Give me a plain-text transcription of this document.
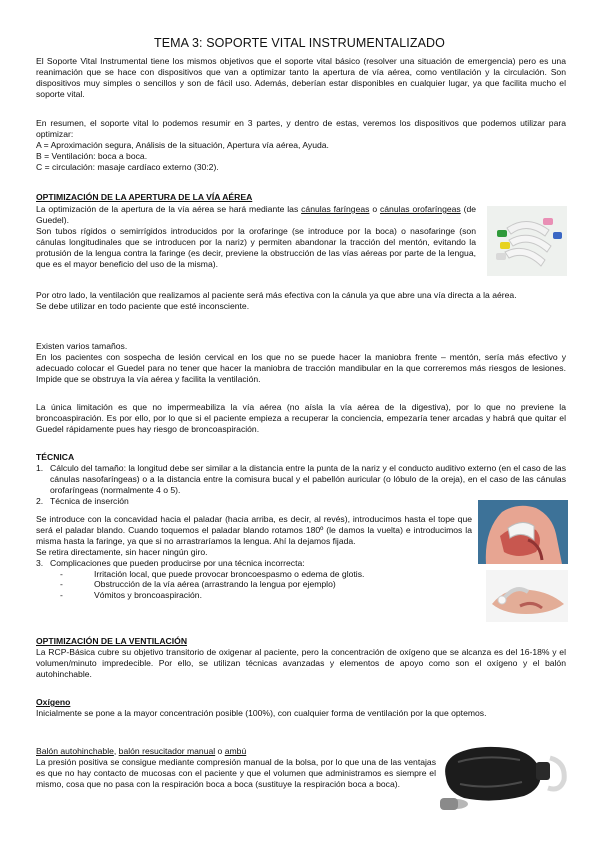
TEMA 3: SOPORTE VITAL INSTRUMENTALIZADO

El Soporte Vital Instrumental tiene los mismos objetivos que el soporte vital básico (resolver una situación de emergencia) pero es una reanimación que se hace con dispositivos que van a optimizar tanto la apertura de vía aérea, como ventilación y la circulación. Son dispositivos muy simples o sencillos y son de fácil uso. Además, deberían estar disponibles en cualquier lugar, ya que facilita mucho el soporte vital.

En resumen, el soporte vital lo podemos resumir en 3 partes, y dentro de estas, veremos los dispositivos que podemos utilizar para optimizar:

A = Aproximación segura, Análisis de la situación, Apertura vía aérea, Ayuda.

B = Ventilación: boca a boca.

C = circulación: masaje cardíaco externo (30:2).

OPTIMIZACIÓN DE LA APERTURA DE LA VÍA AÉREA

La optimización de la apertura de la vía aérea se hará mediante las cánulas faríngeas o cánulas orofaríngeas (de Guedel).

Son tubos rígidos o semirrígidos introducidos por la orofaringe (se introduce por la boca) o nasofaringe (son cánulas longitudinales que se introducen por la nariz) y permiten abandonar la tracción del mentón, evitando la protusión de la lengua contra la faringe (es decir, previene la obstrucción de las vías aéreas por parte de la lengua, que es el mayor beneficio del uso de la misma).

Por otro lado, la ventilación que realizamos al paciente será más efectiva con la cánula ya que abre una vía directa a la aérea.

Se debe utilizar en todo paciente que esté inconsciente.

Existen varios tamaños.

En los pacientes con sospecha de lesión cervical en los que no se puede hacer la maniobra frente – mentón, sería más efectivo y adecuado colocar el Guedel para no tener que hacer la maniobra de tracción mandibular en la que correremos más riesgos de lesiones. Impide que se obstruya la vía aérea y facilita la ventilación.

La única limitación es que no impermeabiliza la vía aérea (no aísla la vía aérea de la digestiva), por lo que no previene la broncoaspiración. Es por ello, por lo que si el paciente empieza a recuperar la conciencia, empezaría tener arcadas y habrá que quitar el Guedel rápidamente pues hay riesgo de broncoaspiración.

TÉCNICA

1. Cálculo del tamaño: la longitud debe ser similar a la distancia entre la punta de la nariz y el conducto auditivo externo (en el caso de las cánulas nasofaríngeas) o a la distancia entre la comisura bucal y el pabellón auricular (o lóbulo de la oreja), en el caso de las cánulas orofaríngeas (normalmente 4 o 5).
2. Técnica de inserción

Se introduce con la concavidad hacia el paladar (hacia arriba, es decir, al revés), introducimos hasta el tope que será el paladar blando. Cuando toquemos el paladar blando rotamos 180º (le damos la vuelta) e introducimos la misma hasta la faringe, ya que si no arrastraríamos la lengua. Ahí la dejamos fijada.

Se retira directamente, sin hacer ningún giro.

3. Complicaciones que pueden producirse por una técnica incorrecta:
-	Irritación local, que puede provocar broncoespasmo o edema de glotis.
-	Obstrucción de la vía aérea (arrastrando la lengua por ejemplo)
-	Vómitos y broncoaspiración.

OPTIMIZACIÓN DE LA VENTILACIÓN

La RCP-Básica cubre su objetivo transitorio de oxigenar al paciente, pero la concentración de oxígeno que se alcanza es del 16-18% y el volumen/minuto impredecible. Por ello, se utilizan técnicas avanzadas y elementos de apoyo como son el oxígeno y el balón autohinchable.

Oxígeno

Inicialmente se pone a la mayor concentración posible (100%), con cualquier forma de ventilación por la que optemos.

Balón autohinchable, balón resucitador manual o ambú

La presión positiva se consigue mediante compresión manual de la bolsa, por lo que una de las ventajas es que no hay contacto de mucosas con el paciente y que el volumen que administramos es siempre el mismo, cosa que no pasa con la respiración boca a boca (sustituye la respiración boca a boca).
